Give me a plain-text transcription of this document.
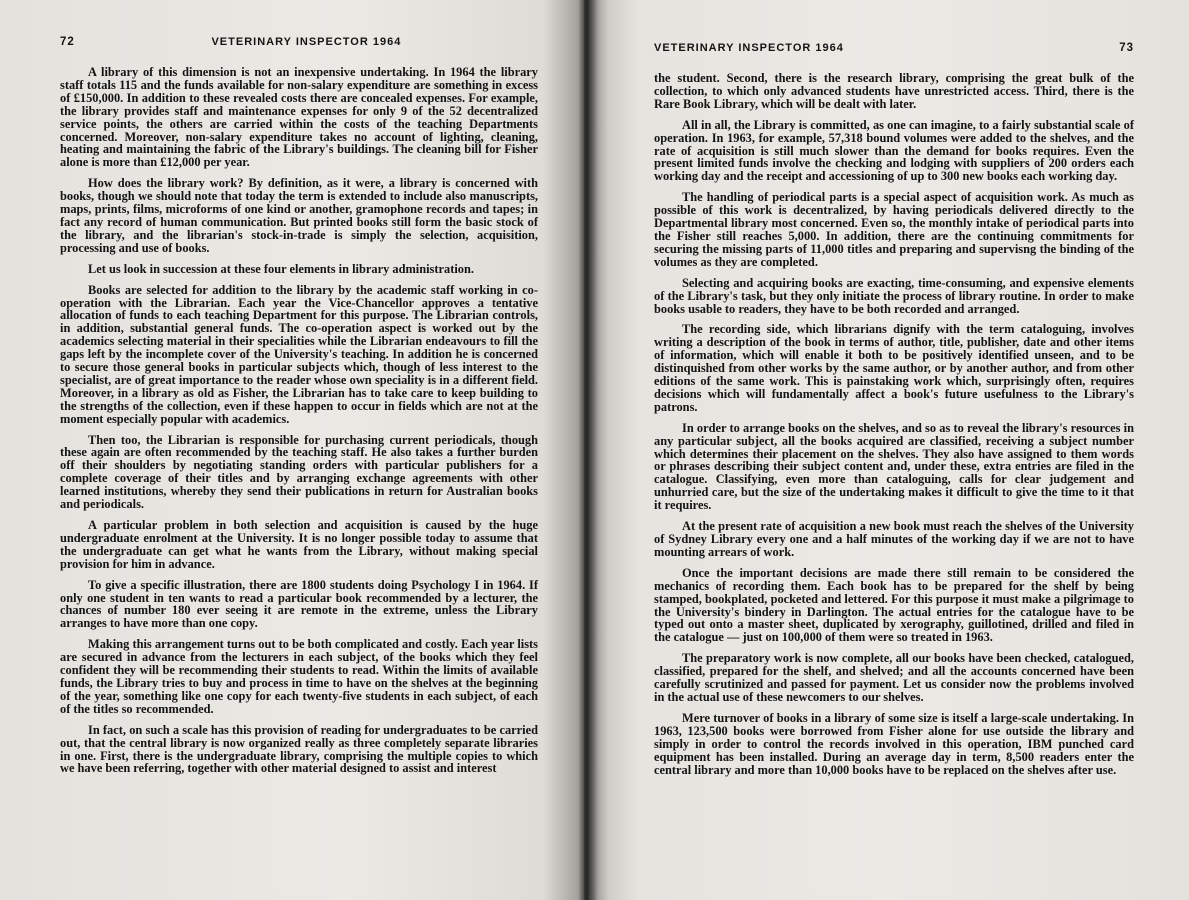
72	VETERINARY INSPECTOR 1964

A library of this dimension is not an inexpensive undertaking. In 1964 the library staff totals 115 and the funds available for non-salary expenditure are something in excess of £150,000. In addition to these revealed costs there are concealed expenses. For example, the library provides staff and maintenance expenses for only 9 of the 52 decentralized service points, the others are carried within the costs of the teaching Departments concerned. Moreover, non-salary expenditure takes no account of lighting, cleaning, heating and maintaining the fabric of the Library's buildings. The cleaning bill for Fisher alone is more than £12,000 per year.

How does the library work? By definition, as it were, a library is concerned with books, though we should note that today the term is extended to include also manuscripts, maps, prints, films, microforms of one kind or another, gramophone records and tapes; in fact any record of human communication. But printed books still form the basic stock of the library, and the librarian's stock-in-trade is simply the selection, acquisition, processing and use of books.

Let us look in succession at these four elements in library administration.

Books are selected for addition to the library by the academic staff working in co-operation with the Librarian. Each year the Vice-Chancellor approves a tentative allocation of funds to each teaching Department for this purpose. The Librarian controls, in addition, substantial general funds. The co-operation aspect is worked out by the academics selecting material in their specialities while the Librarian endeavours to fill the gaps left by the incomplete cover of the University's teaching. In addition he is concerned to secure those general books in particular subjects which, though of less interest to the specialist, are of great importance to the reader whose own speciality is in a different field. Moreover, in a library as old as Fisher, the Librarian has to take care to keep building to the strengths of the collection, even if these happen to occur in fields which are not at the moment especially popular with academics.

Then too, the Librarian is responsible for purchasing current periodicals, though these again are often recommended by the teaching staff. He also takes a further burden off their shoulders by negotiating standing orders with particular publishers for a complete coverage of their titles and by arranging exchange agreements with other learned institutions, whereby they send their publications in return for Australian books and periodicals.

A particular problem in both selection and acquisition is caused by the huge undergraduate enrolment at the University. It is no longer possible today to assume that the undergraduate can get what he wants from the Library, without making special provision for him in advance.

To give a specific illustration, there are 1800 students doing Psychology I in 1964. If only one student in ten wants to read a particular book recommended by a lecturer, the chances of number 180 ever seeing it are remote in the extreme, unless the Library arranges to have more than one copy.

Making this arrangement turns out to be both complicated and costly. Each year lists are secured in advance from the lecturers in each subject, of the books which they feel confident they will be recommending their students to read. Within the limits of available funds, the Library tries to buy and process in time to have on the shelves at the beginning of the year, something like one copy for each twenty-five students in each subject, of each of the titles so recommended.

In fact, on such a scale has this provision of reading for undergraduates to be carried out, that the central library is now organized really as three completely separate libraries in one. First, there is the undergraduate library, comprising the multiple copies to which we have been referring, together with other material designed to assist and interest

VETERINARY INSPECTOR 1964	73

the student. Second, there is the research library, comprising the great bulk of the collection, to which only advanced students have unrestricted access. Third, there is the Rare Book Library, which will be dealt with later.

All in all, the Library is committed, as one can imagine, to a fairly substantial scale of operation. In 1963, for example, 57,318 bound volumes were added to the shelves, and the rate of acquisition is still much slower than the demand for books requires. Even the present limited funds involve the checking and lodging with suppliers of 200 orders each working day and the receipt and accessioning of up to 300 new books each working day.

The handling of periodical parts is a special aspect of acquisition work. As much as possible of this work is decentralized, by having periodicals delivered directly to the Departmental library most concerned. Even so, the monthly intake of periodical parts into the Fisher still reaches 5,000. In addition, there are the continuing commitments for securing the missing parts of 11,000 titles and preparing and supervisng the binding of the volumes as they are completed.

Selecting and acquiring books are exacting, time-consuming, and expensive elements of the Library's task, but they only initiate the process of library routine. In order to make books usable to readers, they have to be both recorded and arranged.

The recording side, which librarians dignify with the term cataloguing, involves writing a description of the book in terms of author, title, publisher, date and other items of information, which will enable it both to be positively identified unseen, and to be distinquished from other works by the same author, or by another author, and from other editions of the same work. This is painstaking work which, surprisingly often, requires decisions which will fundamentally affect a book's future usefulness to the Library's patrons.

In order to arrange books on the shelves, and so as to reveal the library's resources in any particular subject, all the books acquired are classified, receiving a subject number which determines their placement on the shelves. They also have assigned to them words or phrases describing their subject content and, under these, extra entries are filed in the catalogue. Classifying, even more than cataloguing, calls for clear judgement and unhurried care, but the size of the undertaking makes it difficult to give the time to it that it requires.

At the present rate of acquisition a new book must reach the shelves of the University of Sydney Library every one and a half minutes of the working day if we are not to have mounting arrears of work.

Once the important decisions are made there still remain to be considered the mechanics of recording them. Each book has to be prepared for the shelf by being stamped, bookplated, pocketed and lettered. For this purpose it must make a pilgrimage to the University's bindery in Darlington. The actual entries for the catalogue have to be typed out onto a master sheet, duplicated by xerography, guillotined, drilled and filed in the catalogue — just on 100,000 of them were so treated in 1963.

The preparatory work is now complete, all our books have been checked, catalogued, classified, prepared for the shelf, and shelved; and all the accounts concerned have been carefully scrutinized and passed for payment. Let us consider now the problems involved in the actual use of these newcomers to our shelves.

Mere turnover of books in a library of some size is itself a large-scale undertaking. In 1963, 123,500 books were borrowed from Fisher alone for use outside the library and simply in order to control the records involved in this operation, IBM punched card equipment has been installed. During an average day in term, 8,500 readers enter the central library and more than 10,000 books have to be replaced on the shelves after use.
